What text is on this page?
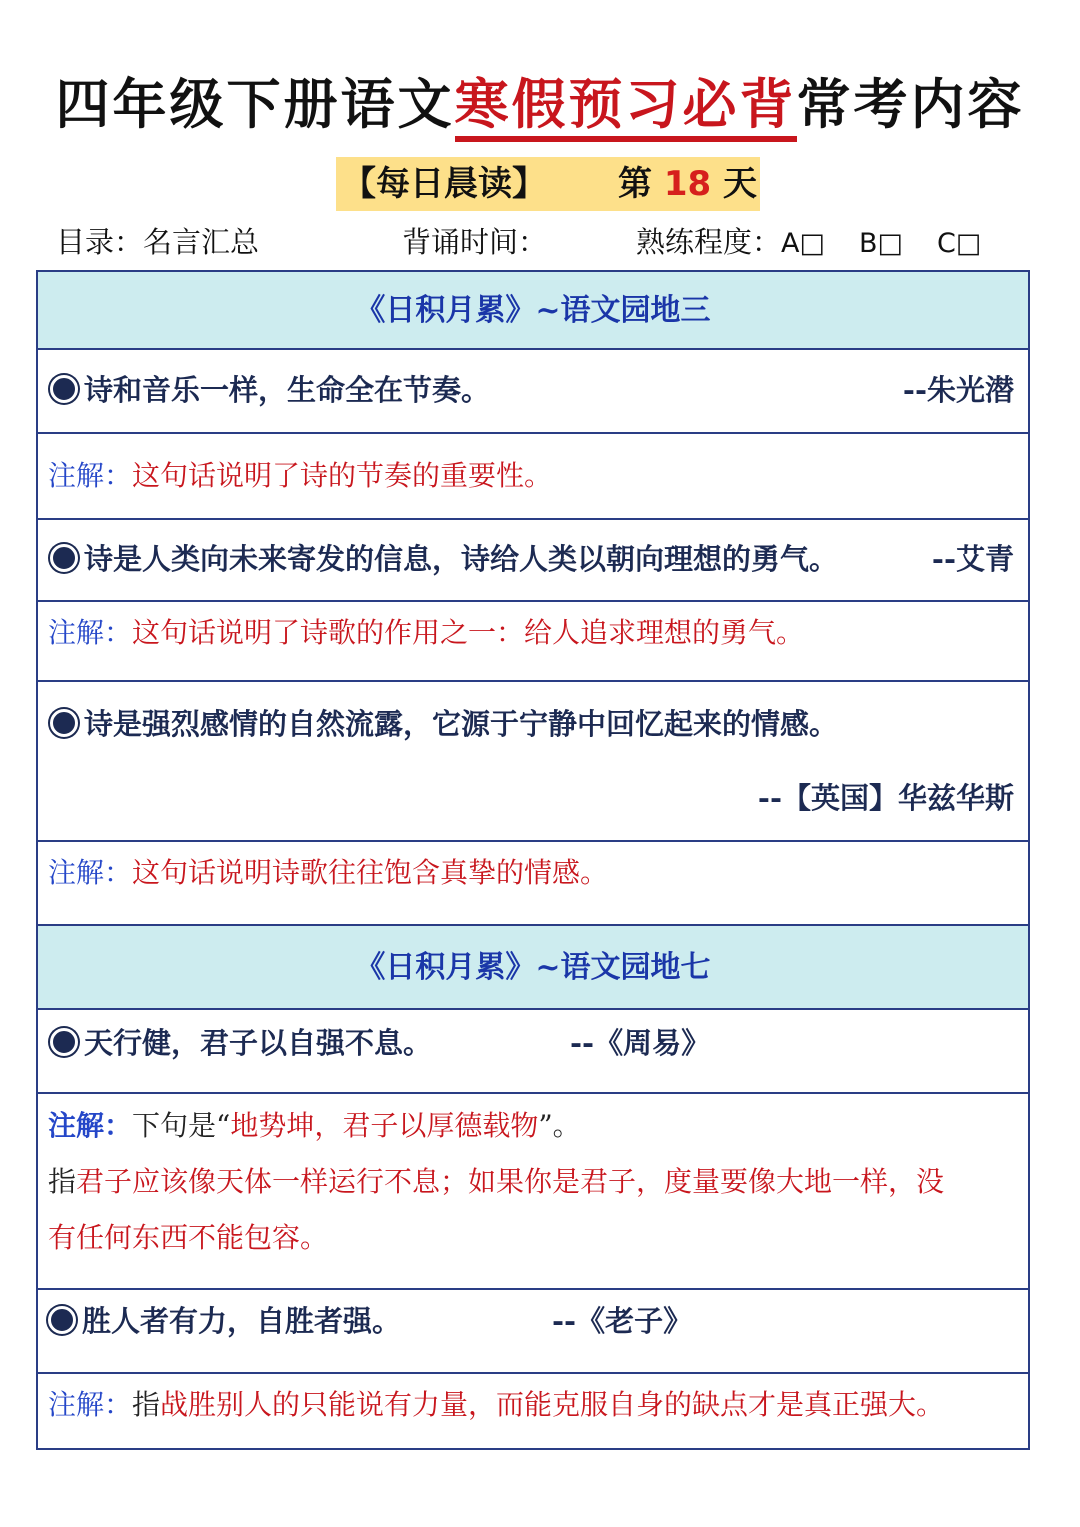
四年级下册语文寒假预习必背常考内容
【每日晨读】 第 18 天
目录：名言汇总	背诵时间：	熟练程度：A□ B□ C□
《日积月累》~语文园地三
诗和音乐一样，生命全在节奏。	--朱光潜
注解：这句话说明了诗的节奏的重要性。
诗是人类向未来寄发的信息，诗给人类以朝向理想的勇气。	--艾青
注解：这句话说明了诗歌的作用之一：给人追求理想的勇气。
诗是强烈感情的自然流露，它源于宁静中回忆起来的情感。
--【英国】华兹华斯
注解：这句话说明诗歌往往饱含真挚的情感。
《日积月累》~语文园地七
天行健，君子以自强不息。	--《周易》
注解：下句是“地势坤，君子以厚德载物”。
指君子应该像天体一样运行不息；如果你是君子，度量要像大地一样，没
有任何东西不能包容。
胜人者有力，自胜者强。	--《老子》
注解：指战胜别人的只能说有力量，而能克服自身的缺点才是真正强大。
